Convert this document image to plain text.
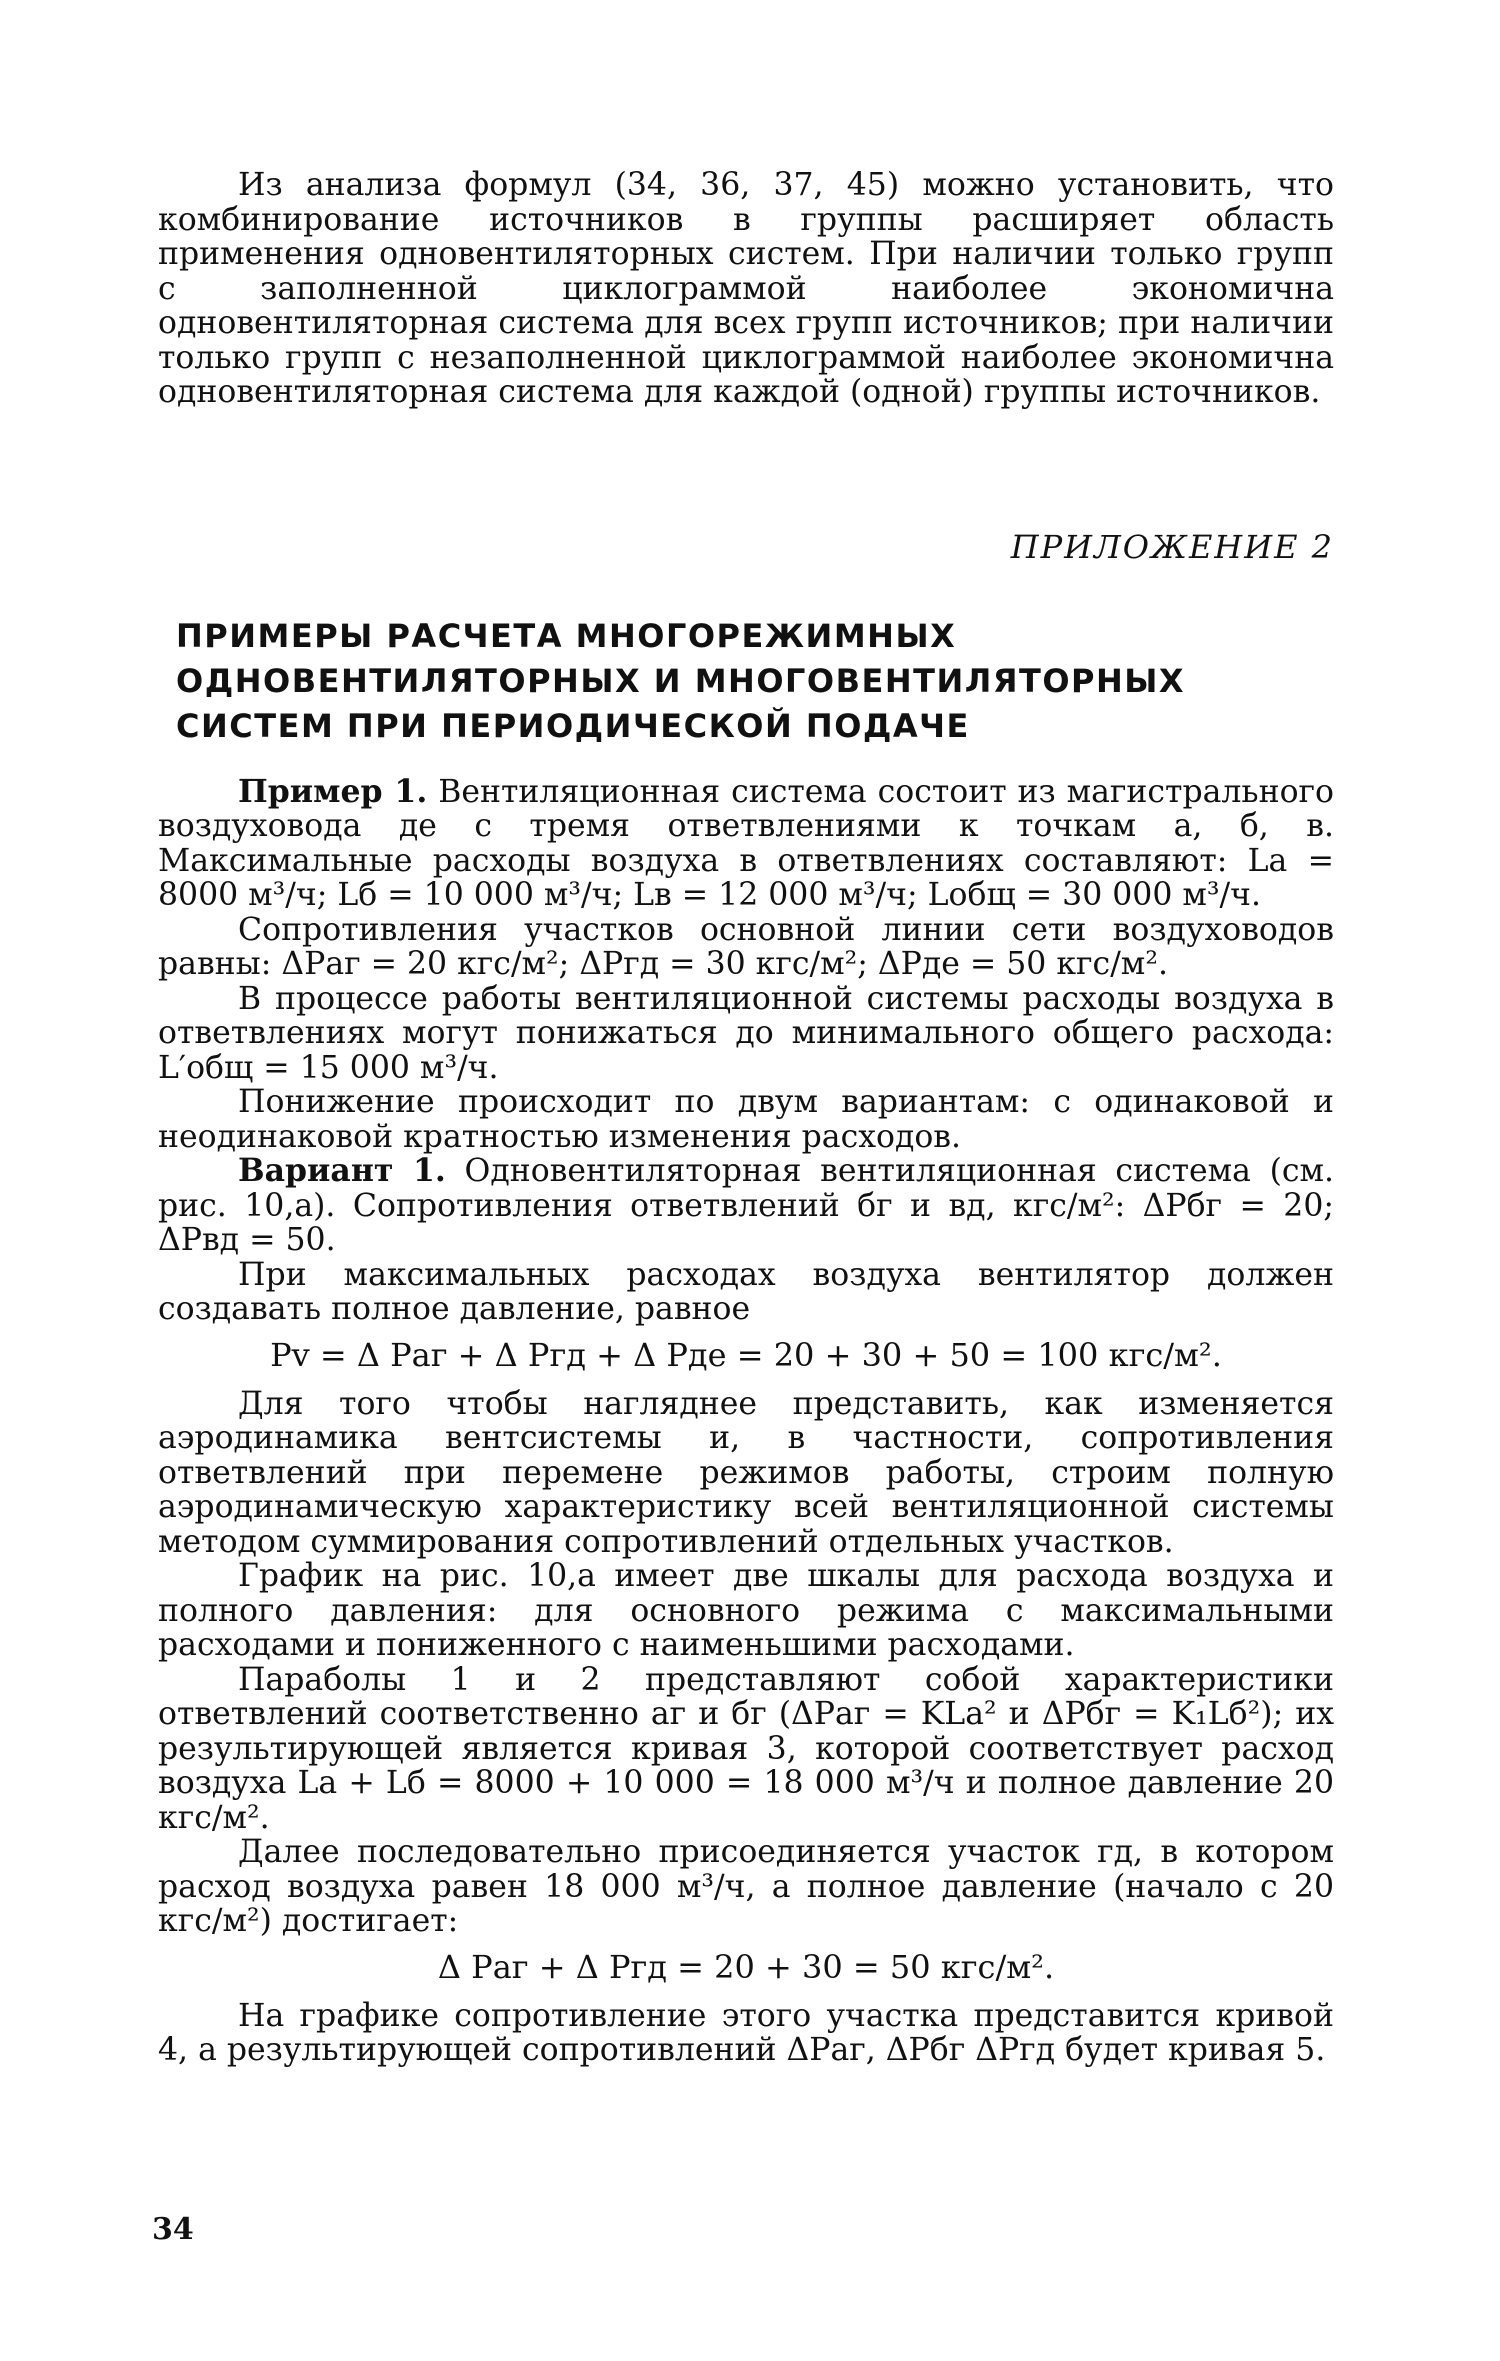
Из анализа формул (34, 36, 37, 45) можно установить, что комбинирование источников в группы расширяет область применения одновентиляторных систем. При наличии только групп с заполненной циклограммой наиболее экономична одновентиляторная система для всех групп источников; при наличии только групп с незаполненной циклограммой наиболее экономична одновентиляторная система для каждой (одной) группы источников.

ПРИЛОЖЕНИЕ 2
ПРИМЕРЫ РАСЧЕТА МНОГОРЕЖИМНЫХ
ОДНОВЕНТИЛЯТОРНЫХ И МНОГОВЕНТИЛЯТОРНЫХ
СИСТЕМ ПРИ ПЕРИОДИЧЕСКОЙ ПОДАЧЕ

Пример 1. Вентиляционная система состоит из магистрального воздуховода де с тремя ответвлениями к точкам а, б, в. Максимальные расходы воздуха в ответвлениях составляют: Lа = 8000 м³/ч; Lб = 10 000 м³/ч; Lв = 12 000 м³/ч; Lобщ = 30 000 м³/ч.

Сопротивления участков основной линии сети воздуховодов равны: ΔPаг = 20 кгс/м²; ΔPгд = 30 кгс/м²; ΔPде = 50 кгс/м².

В процессе работы вентиляционной системы расходы воздуха в ответвлениях могут понижаться до минимального общего расхода: L′общ = 15 000 м³/ч.

Понижение происходит по двум вариантам: с одинаковой и неодинаковой кратностью изменения расходов.

Вариант 1. Одновентиляторная вентиляционная система (см. рис. 10,а). Сопротивления ответвлений бг и вд, кгс/м²: ΔPбг = 20; ΔPвд = 50.

При максимальных расходах воздуха вентилятор должен создавать полное давление, равное

Pv = Δ Pаг + Δ Pгд + Δ Pде = 20 + 30 + 50 = 100 кгс/м².

Для того чтобы нагляднее представить, как изменяется аэродинамика вентсистемы и, в частности, сопротивления ответвлений при перемене режимов работы, строим полную аэродинамическую характеристику всей вентиляционной системы методом суммирования сопротивлений отдельных участков.

График на рис. 10,а имеет две шкалы для расхода воздуха и полного давления: для основного режима с максимальными расходами и пониженного с наименьшими расходами.

Параболы 1 и 2 представляют собой характеристики ответвлений соответственно аг и бг (ΔPаг = KLа² и ΔPбг = K₁Lб²); их результирующей является кривая 3, которой соответствует расход воздуха Lа + Lб = 8000 + 10 000 = 18 000 м³/ч и полное давление 20 кгс/м².

Далее последовательно присоединяется участок гд, в котором расход воздуха равен 18 000 м³/ч, а полное давление (начало с 20 кгс/м²) достигает:

Δ Pаг + Δ Pгд = 20 + 30 = 50 кгс/м².

На графике сопротивление этого участка представится кривой 4, а результирующей сопротивлений ΔPаг, ΔPбг ΔPгд будет кривая 5.

34
